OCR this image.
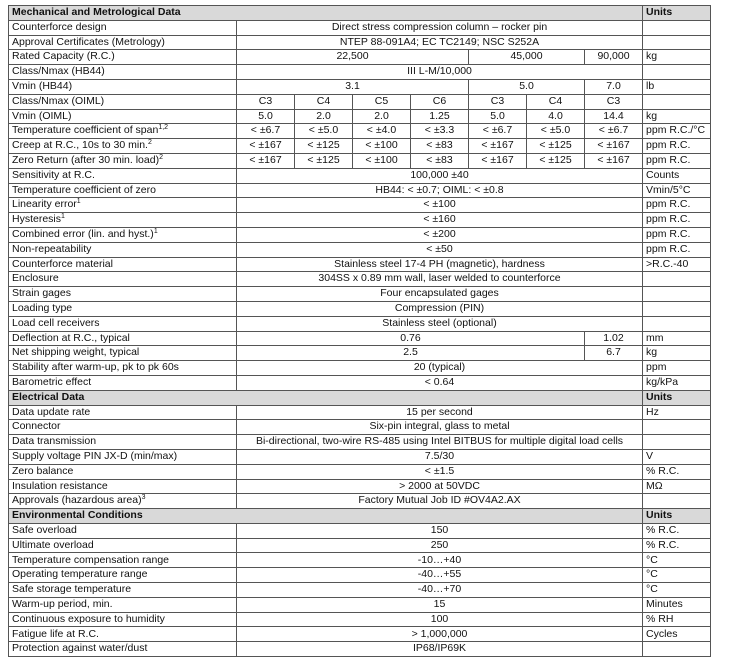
Mechanical and Metrological Data								Units
Counterforce design	Direct stress compression column – rocker pin							
Approval Certificates (Metrology)	NTEP 88-091A4; EC TC2149; NSC S252A							
Rated Capacity (R.C.)	22,500				45,000		90,000	kg
Class/Nmax (HB44)	III L-M/10,000							
Vmin (HB44)	3.1				5.0		7.0	lb
Class/Nmax (OIML)	C3	C4	C5	C6	C3	C4	C3	
Vmin (OIML)	5.0	2.0	2.0	1.25	5.0	4.0	14.4	kg
Temperature coefficient of span$^{1,2}$	< ±6.7	< ±5.0	< ±4.0	< ±3.3	< ±6.7	< ±5.0	< ±6.7	ppm R.C./°C
Creep at R.C., 10s to 30 min.$^2$	< ±167	< ±125	< ±100	< ±83	< ±167	< ±125	< ±167	ppm R.C.
Zero Return (after 30 min. load)$^2$	< ±167	< ±125	< ±100	< ±83	< ±167	< ±125	< ±167	ppm R.C.
Sensitivity at R.C.	100,000 ±40							Counts
Temperature coefficient of zero	HB44: < ±0.7; OIML: < ±0.8							Vmin/5°C
Linearity error$^1$	< ±100							ppm R.C.
Hysteresis$^1$	< ±160							ppm R.C.
Combined error (lin. and hyst.)$^1$	< ±200							ppm R.C.
Non-repeatability	< ±50							ppm R.C.
Counterforce material	Stainless steel 17-4 PH (magnetic), hardness							>R.C.-40
Enclosure	304SS x 0.89 mm wall, laser welded to counterforce							
Strain gages	Four encapsulated gages							
Loading type	Compression (PIN)							
Load cell receivers	Stainless steel (optional)							
Deflection at R.C., typical	0.76						1.02	mm
Net shipping weight, typical	2.5						6.7	kg
Stability after warm-up, pk to pk 60s	20 (typical)							ppm
Barometric effect	< 0.64							kg/kPa
Electrical Data								Units
Data update rate	15 per second							Hz
Connector	Six-pin integral, glass to metal							
Data transmission	Bi-directional, two-wire RS-485 using Intel BITBUS for multiple digital load cells							
Supply voltage PIN JX-D (min/max)	7.5/30							V
Zero balance	< ±1.5							% R.C.
Insulation resistance	> 2000 at 50VDC							MΩ
Approvals (hazardous area)$^3$	Factory Mutual Job ID #OV4A2.AX							
Environmental Conditions								Units
Safe overload	150							% R.C.
Ultimate overload	250							% R.C.
Temperature compensation range	-10…+40							°C
Operating temperature range	-40…+55							°C
Safe storage temperature	-40…+70							°C
Warm-up period, min.	15							Minutes
Continuous exposure to humidity	100							% RH
Fatigue life at R.C.	> 1,000,000							Cycles
Protection against water/dust	IP68/IP69K							
